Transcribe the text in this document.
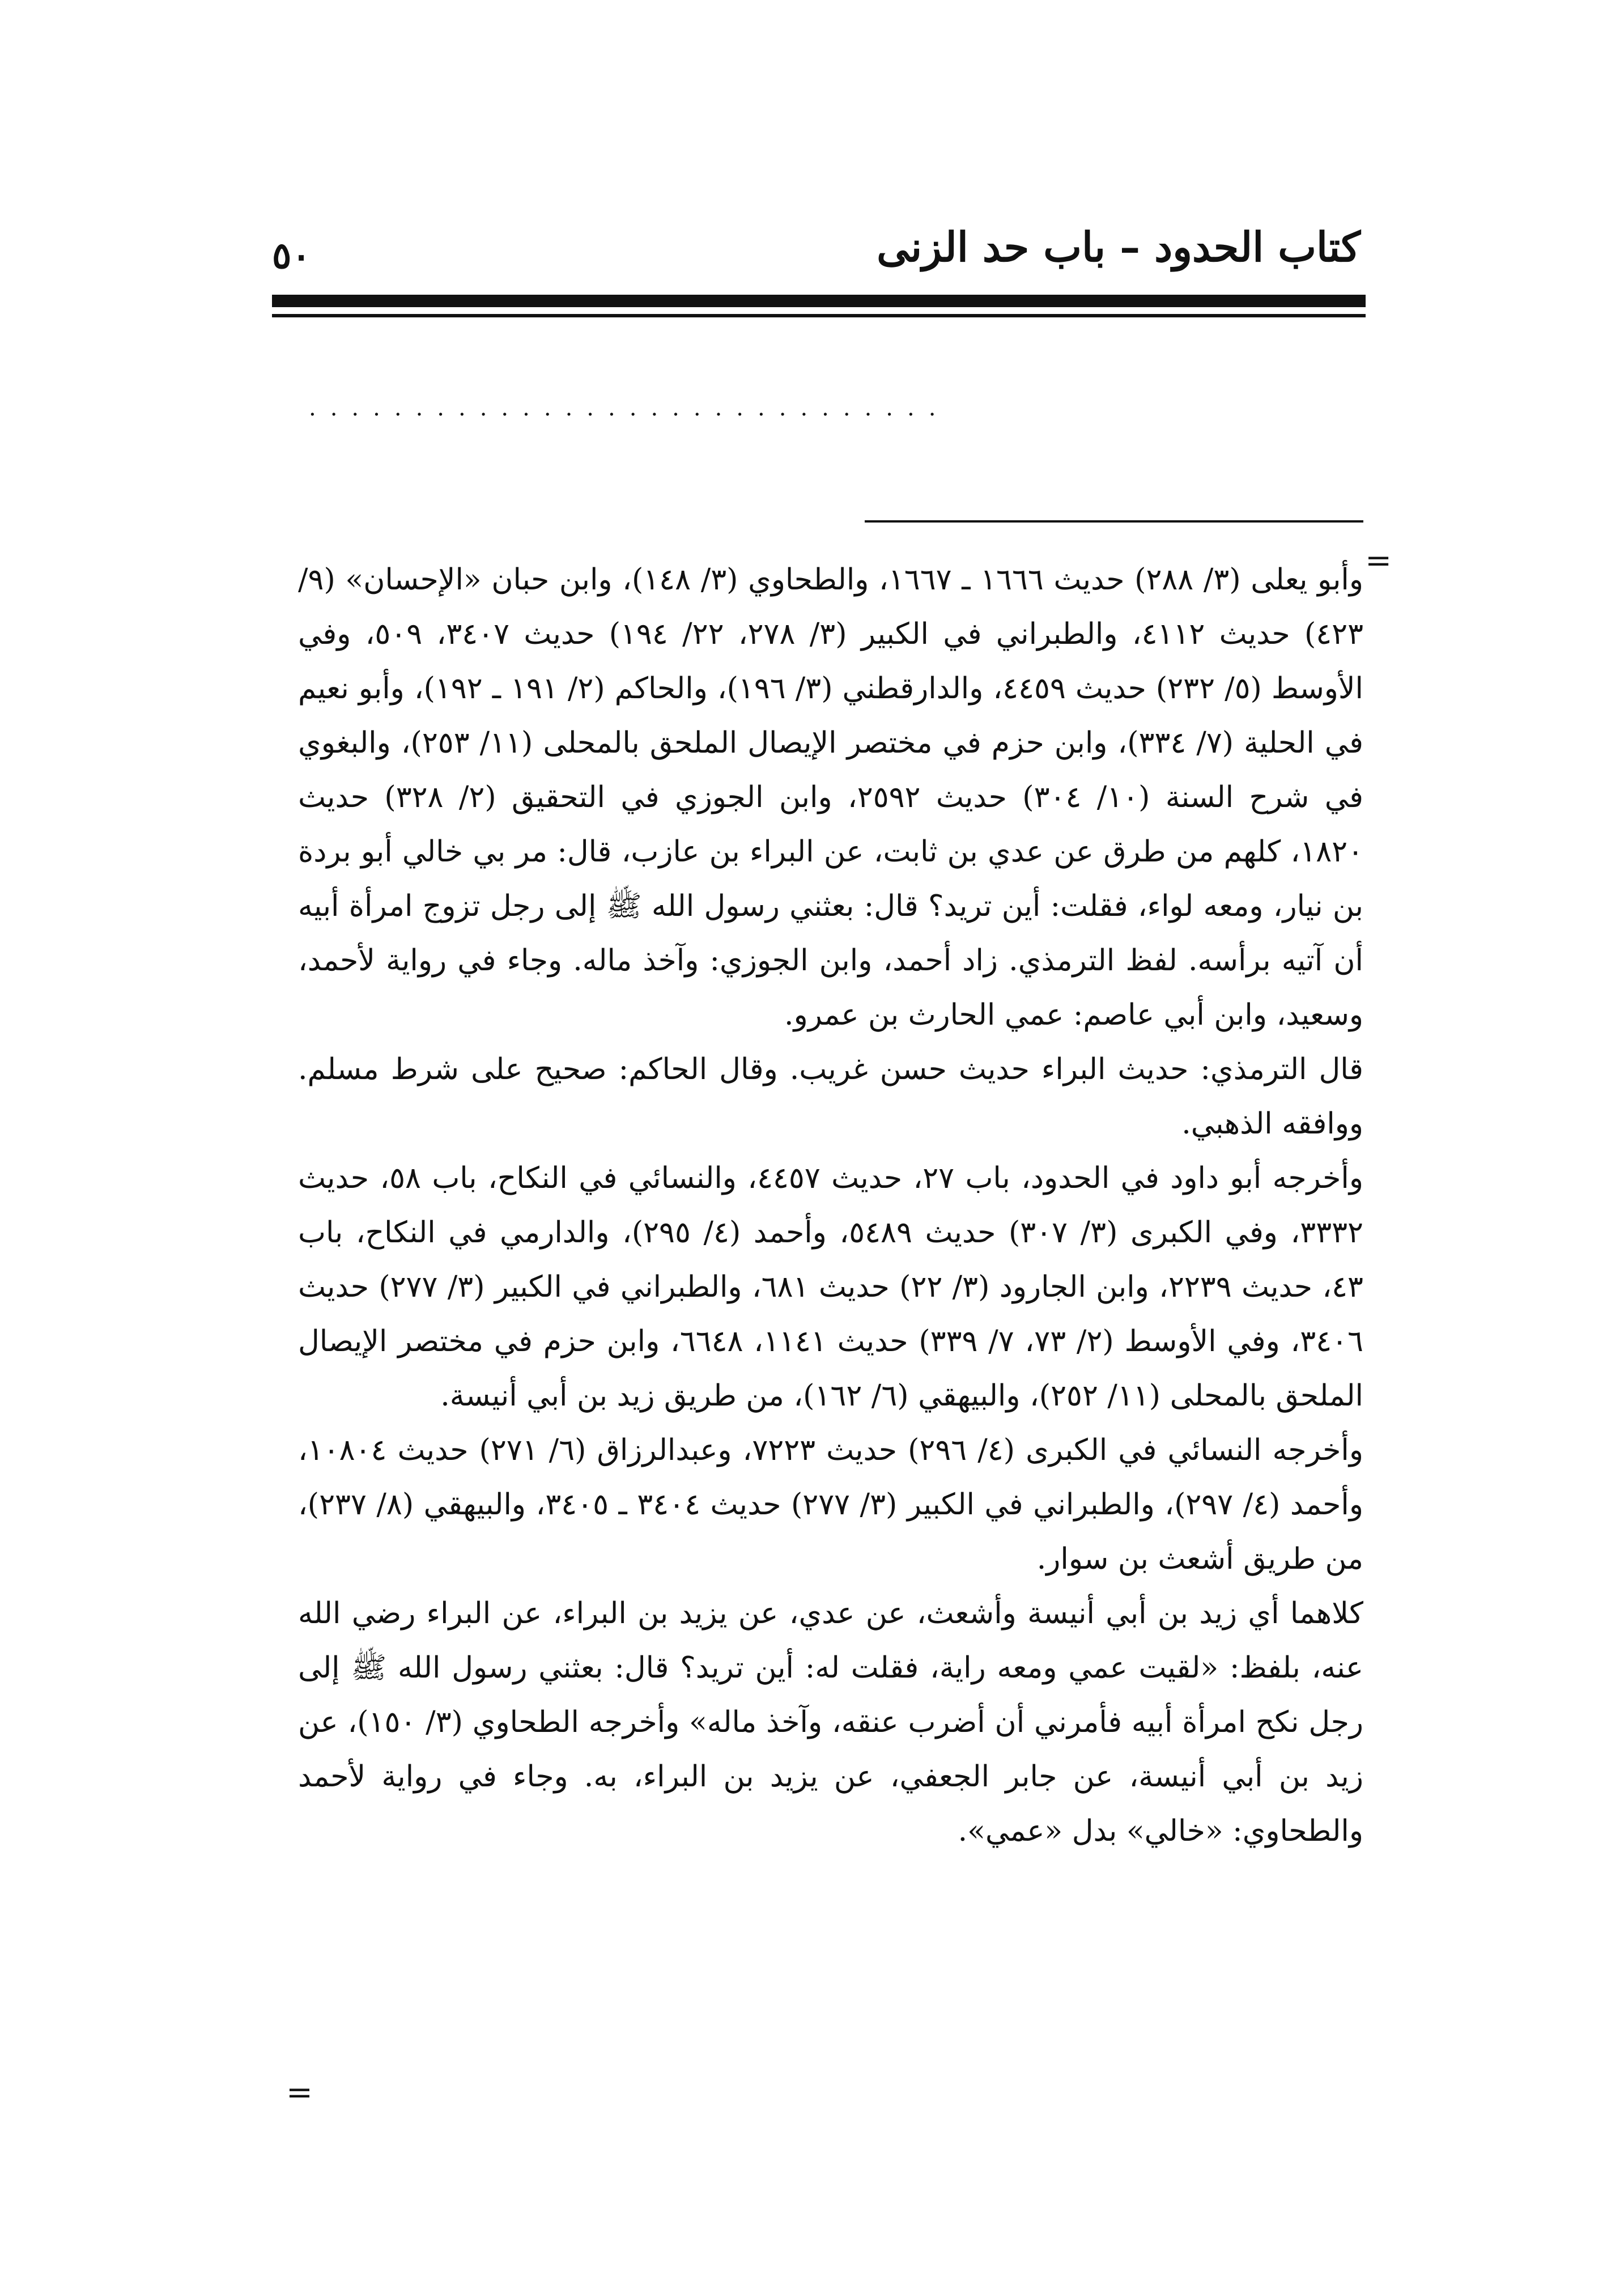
كتاب الحدود – باب حد الزنى
٥٠
..............................
=

وأبو يعلى (٣/ ٢٨٨) حديث ١٦٦٦ ـ ١٦٦٧، والطحاوي (٣/ ١٤٨)، وابن حبان «الإحسان» (٩/ ٤٢٣) حديث ٤١١٢، والطبراني في الكبير (٣/ ٢٧٨، ٢٢/ ١٩٤) حديث ٣٤٠٧، ٥٠٩، وفي الأوسط (٥/ ٢٣٢) حديث ٤٤٥٩، والدارقطني (٣/ ١٩٦)، والحاكم (٢/ ١٩١ ـ ١٩٢)، وأبو نعيم في الحلية (٧/ ٣٣٤)، وابن حزم في مختصر الإيصال الملحق بالمحلى (١١/ ٢٥٣)، والبغوي في شرح السنة (١٠/ ٣٠٤) حديث ٢٥٩٢، وابن الجوزي في التحقيق (٢/ ٣٢٨) حديث ١٨٢٠، كلهم من طرق عن عدي بن ثابت، عن البراء بن عازب، قال: مر بي خالي أبو بردة بن نيار، ومعه لواء، فقلت: أين تريد؟ قال: بعثني رسول الله ﷺ إلى رجل تزوج امرأة أبيه أن آتيه برأسه. لفظ الترمذي. زاد أحمد، وابن الجوزي: وآخذ ماله. وجاء في رواية لأحمد، وسعيد، وابن أبي عاصم: عمي الحارث بن عمرو.

قال الترمذي: حديث البراء حديث حسن غريب. وقال الحاكم: صحيح على شرط مسلم. ووافقه الذهبي.

وأخرجه أبو داود في الحدود، باب ٢٧، حديث ٤٤٥٧، والنسائي في النكاح، باب ٥٨، حديث ٣٣٣٢، وفي الكبرى (٣/ ٣٠٧) حديث ٥٤٨٩، وأحمد (٤/ ٢٩٥)، والدارمي في النكاح، باب ٤٣، حديث ٢٢٣٩، وابن الجارود (٣/ ٢٢) حديث ٦٨١، والطبراني في الكبير (٣/ ٢٧٧) حديث ٣٤٠٦، وفي الأوسط (٢/ ٧٣، ٧/ ٣٣٩) حديث ١١٤١، ٦٦٤٨، وابن حزم في مختصر الإيصال الملحق بالمحلى (١١/ ٢٥٢)، والبيهقي (٦/ ١٦٢)، من طريق زيد بن أبي أنيسة.

وأخرجه النسائي في الكبرى (٤/ ٢٩٦) حديث ٧٢٢٣، وعبدالرزاق (٦/ ٢٧١) حديث ١٠٨٠٤، وأحمد (٤/ ٢٩٧)، والطبراني في الكبير (٣/ ٢٧٧) حديث ٣٤٠٤ ـ ٣٤٠٥، والبيهقي (٨/ ٢٣٧)، من طريق أشعث بن سوار.

كلاهما أي زيد بن أبي أنيسة وأشعث، عن عدي، عن يزيد بن البراء، عن البراء رضي الله عنه، بلفظ: «لقيت عمي ومعه راية، فقلت له: أين تريد؟ قال: بعثني رسول الله ﷺ إلى رجل نكح امرأة أبيه فأمرني أن أضرب عنقه، وآخذ ماله» وأخرجه الطحاوي (٣/ ١٥٠)، عن زيد بن أبي أنيسة، عن جابر الجعفي، عن يزيد بن البراء، به. وجاء في رواية لأحمد والطحاوي: «خالي» بدل «عمي».

=
